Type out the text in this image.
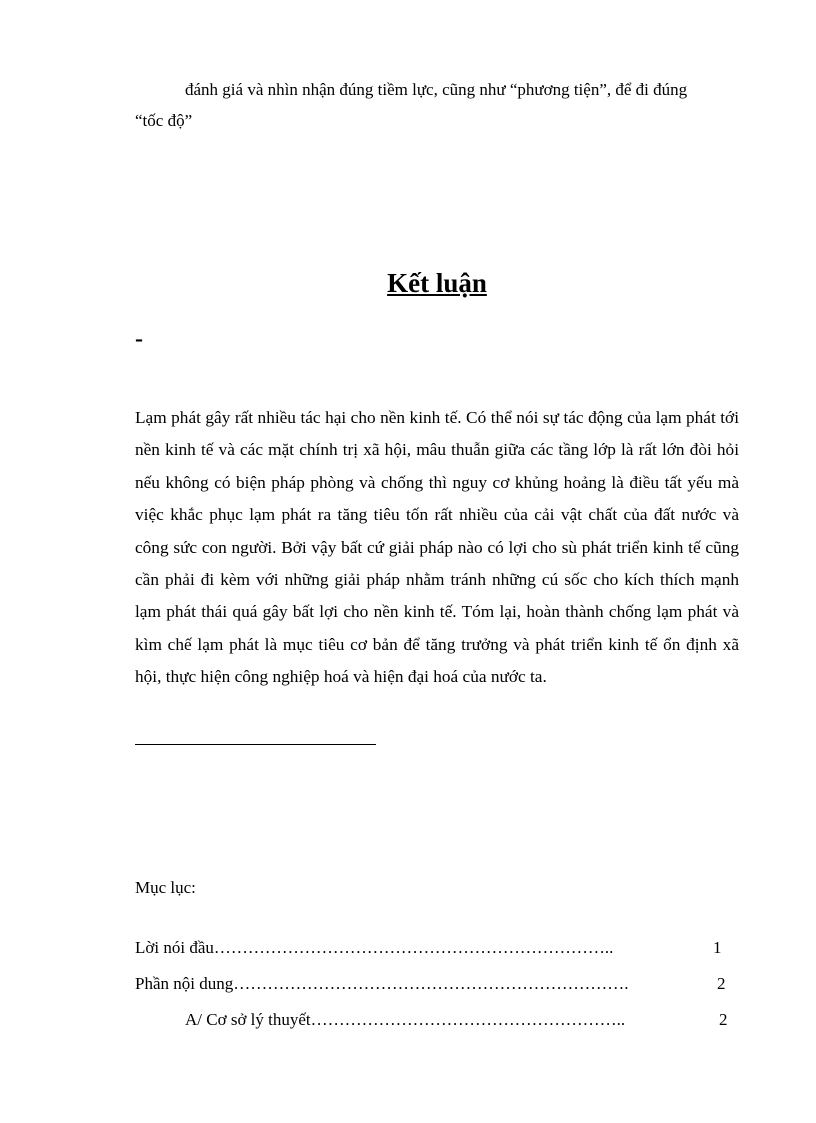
đánh giá và nhìn nhận đúng tiềm lực, cũng như “phương tiện”, để đi đúng “tốc độ”

Kết luận
-

Lạm phát gây rất nhiều tác hại cho nền kinh tế. Có thể nói sự tác động của lạm phát tới nền kinh tế và các mặt chính trị xã hội, mâu thuẫn giữa các tầng lớp là rất lớn đòi hỏi nếu không có biện pháp phòng và chống thì nguy cơ khủng hoảng là điều tất yếu mà việc khắc phục lạm phát ra tăng tiêu tốn rất nhiều của cải vật chất của đất nước và công sức con người. Bởi vậy bất cứ giải pháp nào có lợi cho sù phát triển kinh tế cũng cần phải đi kèm với những giải pháp nhằm tránh những cú sốc cho kích thích mạnh lạm phát thái quá gây bất lợi cho nền kinh tế. Tóm lại, hoàn thành chống lạm phát và kìm chế lạm phát là mục tiêu cơ bản để tăng trưởng và phát triển kinh tế ổn định xã hội, thực hiện công nghiệp hoá và hiện đại hoá của nước ta.

Mục lục:
Lời nói đầu……………………………………………………………..	1
Phần nội dung…………………………………………………………….	2
A/ Cơ sở lý thuyết………………………………………………..	2
